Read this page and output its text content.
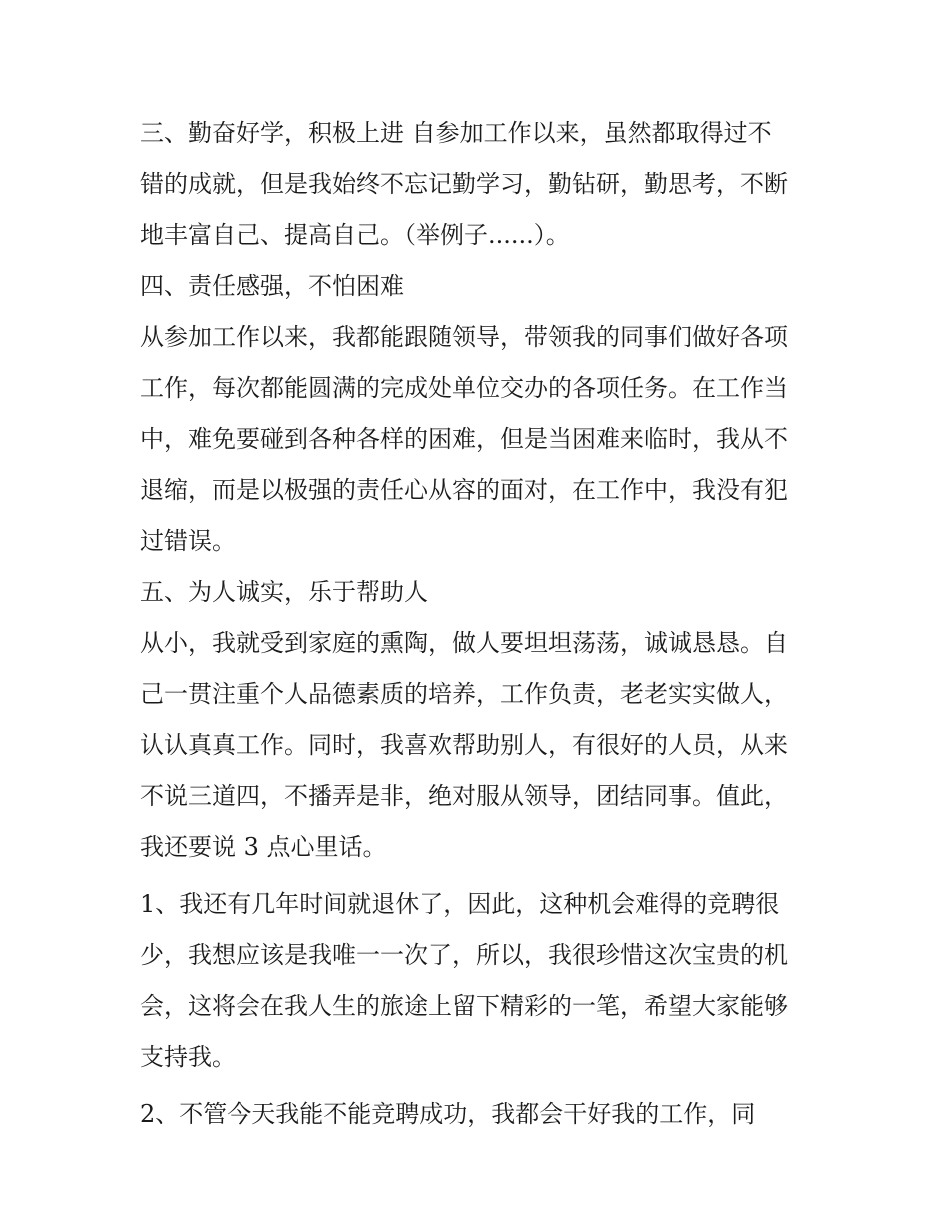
三、勤奋好学，积极上进 自参加工作以来，虽然都取得过不
错的成就，但是我始终不忘记勤学习，勤钻研，勤思考，不断
地丰富自己、提高自己。（举例子......）。
四、责任感强，不怕困难
从参加工作以来，我都能跟随领导，带领我的同事们做好各项
工作，每次都能圆满的完成处单位交办的各项任务。在工作当
中，难免要碰到各种各样的困难，但是当困难来临时，我从不
退缩，而是以极强的责任心从容的面对，在工作中，我没有犯
过错误。
五、为人诚实，乐于帮助人
从小，我就受到家庭的熏陶，做人要坦坦荡荡，诚诚恳恳。自
己一贯注重个人品德素质的培养，工作负责，老老实实做人，
认认真真工作。同时，我喜欢帮助别人，有很好的人员，从来
不说三道四，不播弄是非，绝对服从领导，团结同事。值此，
我还要说 3 点心里话。
1、我还有几年时间就退休了，因此，这种机会难得的竞聘很
少，我想应该是我唯一一次了，所以，我很珍惜这次宝贵的机
会，这将会在我人生的旅途上留下精彩的一笔，希望大家能够
支持我。
2、不管今天我能不能竞聘成功，我都会干好我的工作，同
